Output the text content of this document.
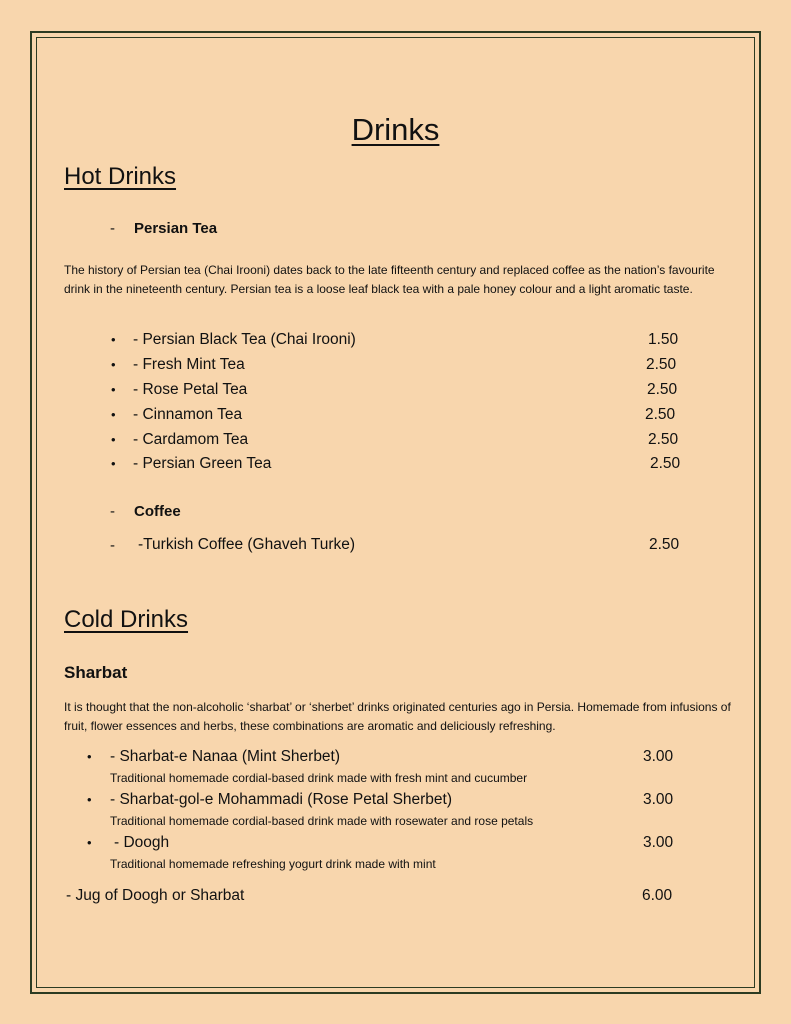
Drinks
Hot Drinks
- Persian Tea
The history of Persian tea (Chai Irooni) dates back to the late fifteenth century and replaced coffee as the nation’s favourite drink in the nineteenth century. Persian tea is a loose leaf black tea with a pale honey colour and a light aromatic taste.
• - Persian Black Tea (Chai Irooni)	1.50
• - Fresh Mint Tea	2.50
• - Rose Petal Tea	2.50
• - Cinnamon Tea	2.50
• - Cardamom Tea	2.50
• - Persian Green Tea	2.50
- Coffee
- -Turkish Coffee (Ghaveh Turke)	2.50
Cold Drinks
Sharbat
It is thought that the non-alcoholic ‘sharbat’ or ‘sherbet’ drinks originated centuries ago in Persia. Homemade from infusions of fruit, flower essences and herbs, these combinations are aromatic and deliciously refreshing.
• - Sharbat-e Nanaa (Mint Sherbet)	3.00
Traditional homemade cordial-based drink made with fresh mint and cucumber
• - Sharbat-gol-e Mohammadi (Rose Petal Sherbet)	3.00
Traditional homemade cordial-based drink made with rosewater and rose petals
• - Doogh	3.00
Traditional homemade refreshing yogurt drink made with mint
- Jug of Doogh or Sharbat	6.00
